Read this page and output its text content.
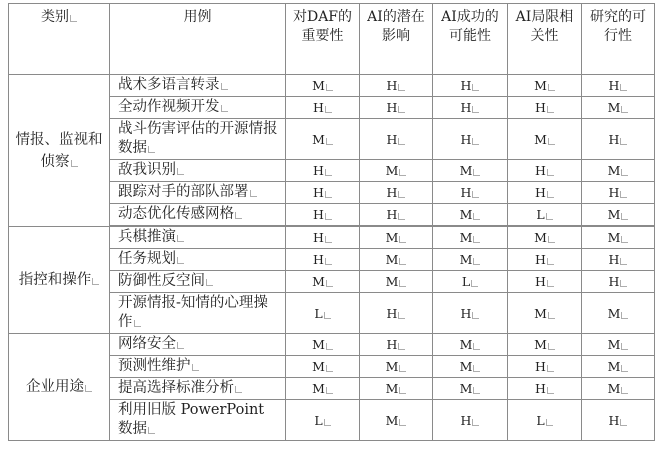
类别	用例	对DAF的重要性	AI的潜在影响	AI成功的可能性	AI局限相关性	研究的可行性
情报、监视和侦察	战术多语言转录	M	H	H	M	H
	全动作视频开发	H	H	H	H	M
	战斗伤害评估的开源情报数据	M	H	H	M	H
	敌我识别	H	M	M	H	M
	跟踪对手的部队部署	H	H	H	H	H
	动态优化传感网格	H	H	M	L	M

指控和操作	兵棋推演	H	M	M	M	M
	任务规划	H	M	M	H	H
	防御性反空间	M	M	L	H	H
	开源情报-知情的心理操作	L	H	H	M	M
企业用途	网络安全	M	H	M	M	M
	预测性维护	M	M	M	H	M
	提高选择标准分析	M	M	M	H	M
	利用旧版 PowerPoint 数据	L	M	H	L	H
